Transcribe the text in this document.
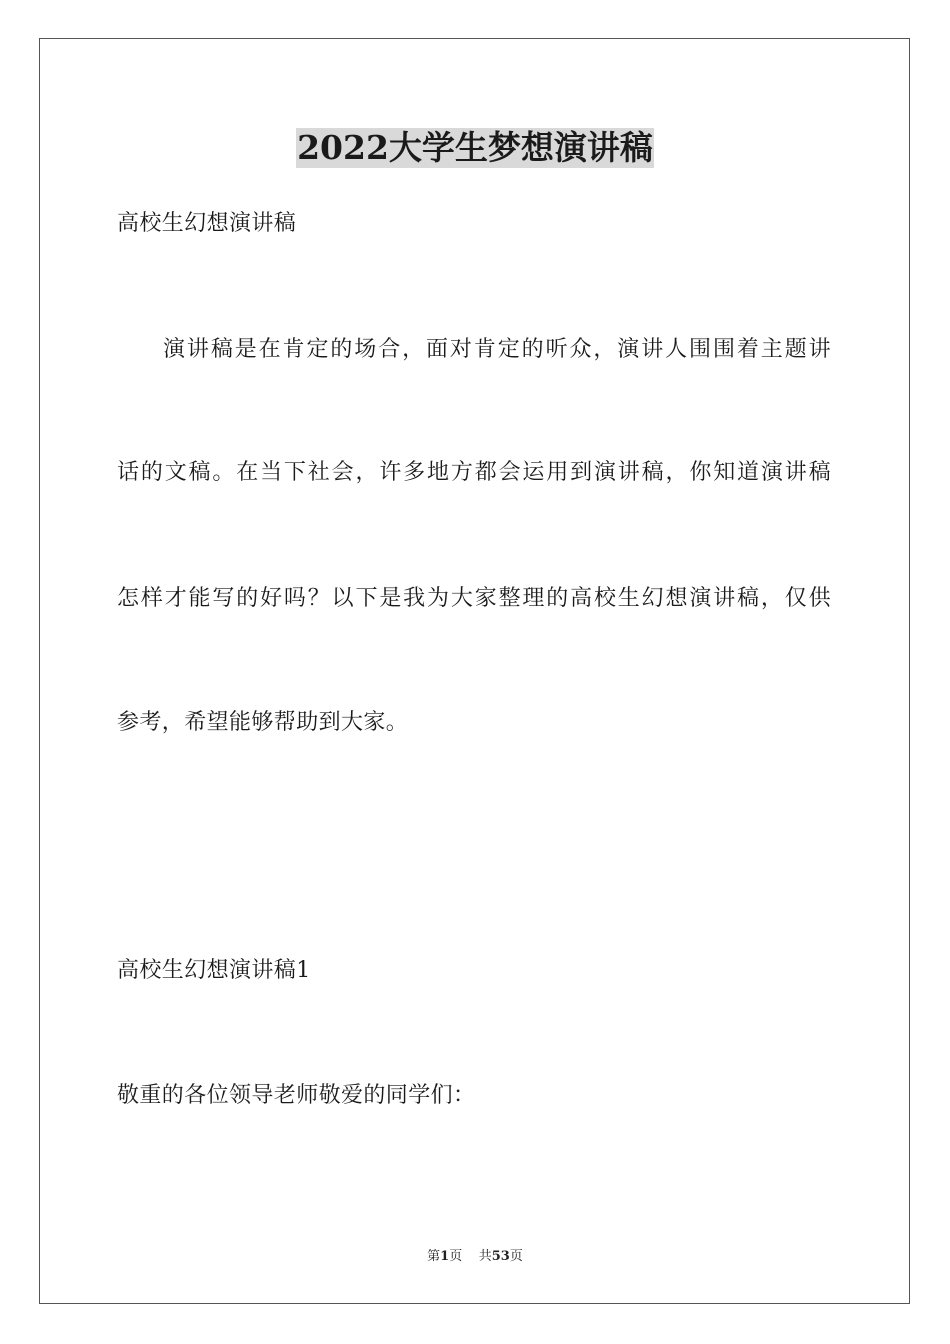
2022大学生梦想演讲稿
高校生幻想演讲稿
演讲稿是在肯定的场合，面对肯定的听众，演讲人围围着主题讲
话的文稿。在当下社会，许多地方都会运用到演讲稿，你知道演讲稿
怎样才能写的好吗？以下是我为大家整理的高校生幻想演讲稿，仅供
参考，希望能够帮助到大家。
高校生幻想演讲稿1
敬重的各位领导老师敬爱的同学们：
第1页 共53页
